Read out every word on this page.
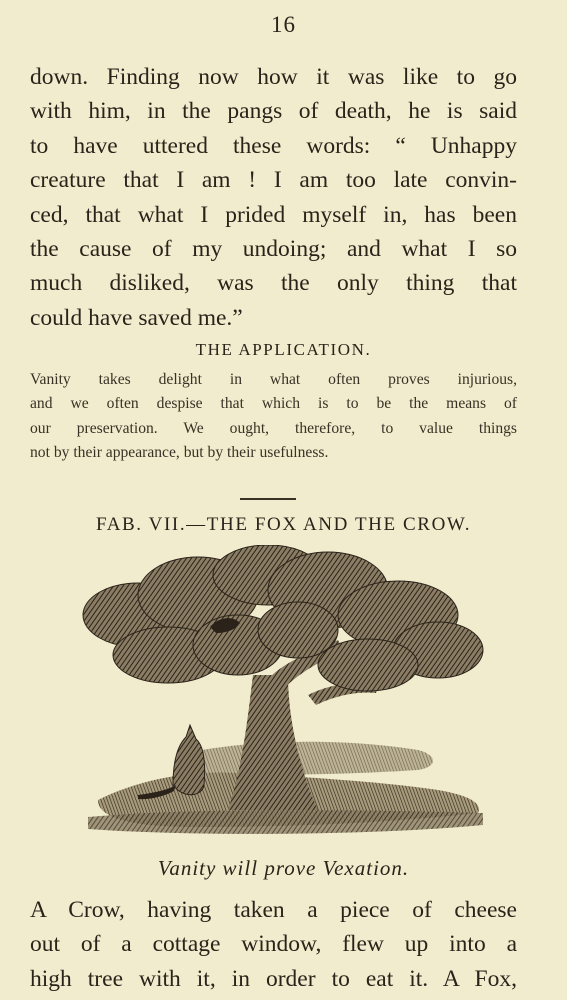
16
down. Finding now how it was like to go
with him, in the pangs of death, he is said
to have uttered these words: “ Unhappy
creature that I am ! I am too late convin-
ced, that what I prided myself in, has been
the cause of my undoing; and what I so
much disliked, was the only thing that
could have saved me.”
THE APPLICATION.
Vanity takes delight in what often proves injurious,
and we often despise that which is to be the means of
our preservation. We ought, therefore, to value things
not by their appearance, but by their usefulness.
FAB. VII.—THE FOX AND THE CROW.
Vanity will prove Vexation.
A Crow, having taken a piece of cheese
out of a cottage window, flew up into a
high tree with it, in order to eat it. A Fox,
